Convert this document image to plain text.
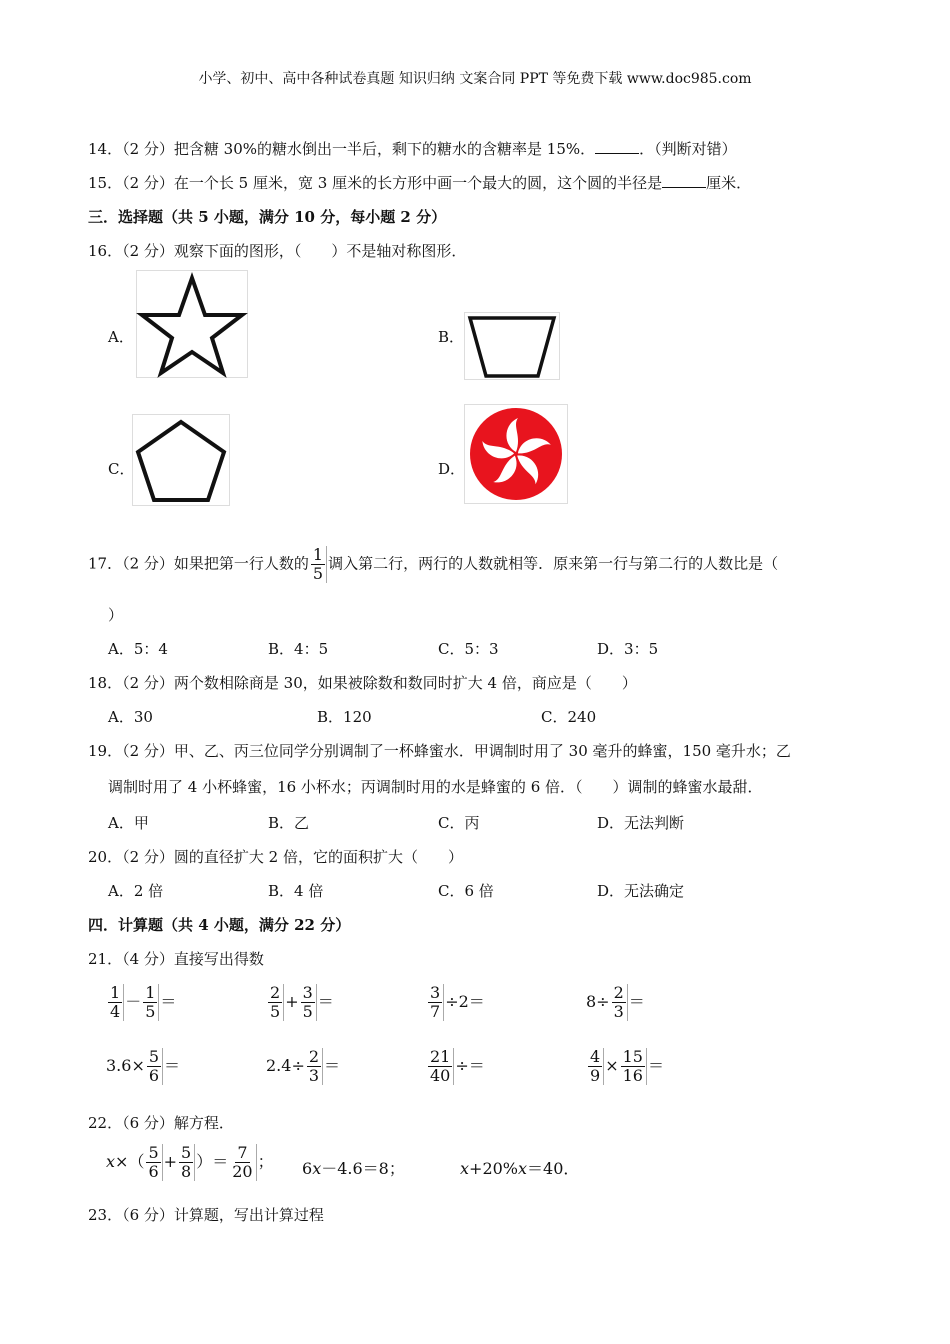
小学、初中、高中各种试卷真题 知识归纳 文案合同 PPT 等免费下载 www.doc985.com
14．（2 分）把含糖 30%的糖水倒出一半后，剩下的糖水的含糖率是 15%．	．（判断对错）
15．（2 分）在一个长 5 厘米，宽 3 厘米的长方形中画一个最大的圆，这个圆的半径是	厘米．
三．选择题（共 5 小题，满分 10 分，每小题 2 分）
16．（2 分）观察下面的图形，（　　）不是轴对称图形．
A．	B．
C．	D．
17．（2 分）如果把第一行人数的 $\frac{1}{5}$ 调入第二行，两行的人数就相等．原来第一行与第二行的人数比是（
）
A．5：4	B．4：5	C．5：3	D．3：5
18．（2 分）两个数相除商是 30，如果被除数和数同时扩大 4 倍，商应是（　　）
A．30	B．120	C．240
19．（2 分）甲、乙、丙三位同学分别调制了一杯蜂蜜水．甲调制时用了 30 毫升的蜂蜜，150 毫升水；乙
调制时用了 4 小杯蜂蜜，16 小杯水；丙调制时用的水是蜂蜜的 6 倍．（　　）调制的蜂蜜水最甜．
A．甲	B．乙	C．丙	D．无法判断
20．（2 分）圆的直径扩大 2 倍，它的面积扩大（　　）
A．2 倍	B．4 倍	C．6 倍	D．无法确定
四．计算题（共 4 小题，满分 22 分）
21．（4 分）直接写出得数
$\frac{1}{4} - \frac{1}{5}$ ＝	$\frac{2}{5} + \frac{3}{5}$ ＝	$\frac{3}{7} \div 2=$	$8\div \frac{2}{3}$ ＝
$3.6\times \frac{5}{6}$ ＝	$2.4\div \frac{2}{3}$ ＝	$\frac{21}{40}$ ÷＝	$\frac{4}{9} \times \frac{15}{16}$ ＝
22．（6 分）解方程．
$x\times( \frac{5}{6} + \frac{5}{8}$ ）＝ $\frac{7}{20}$ ； 6x－4.6＝8；	x+20%x＝40．
23．（6 分）计算题，写出计算过程
